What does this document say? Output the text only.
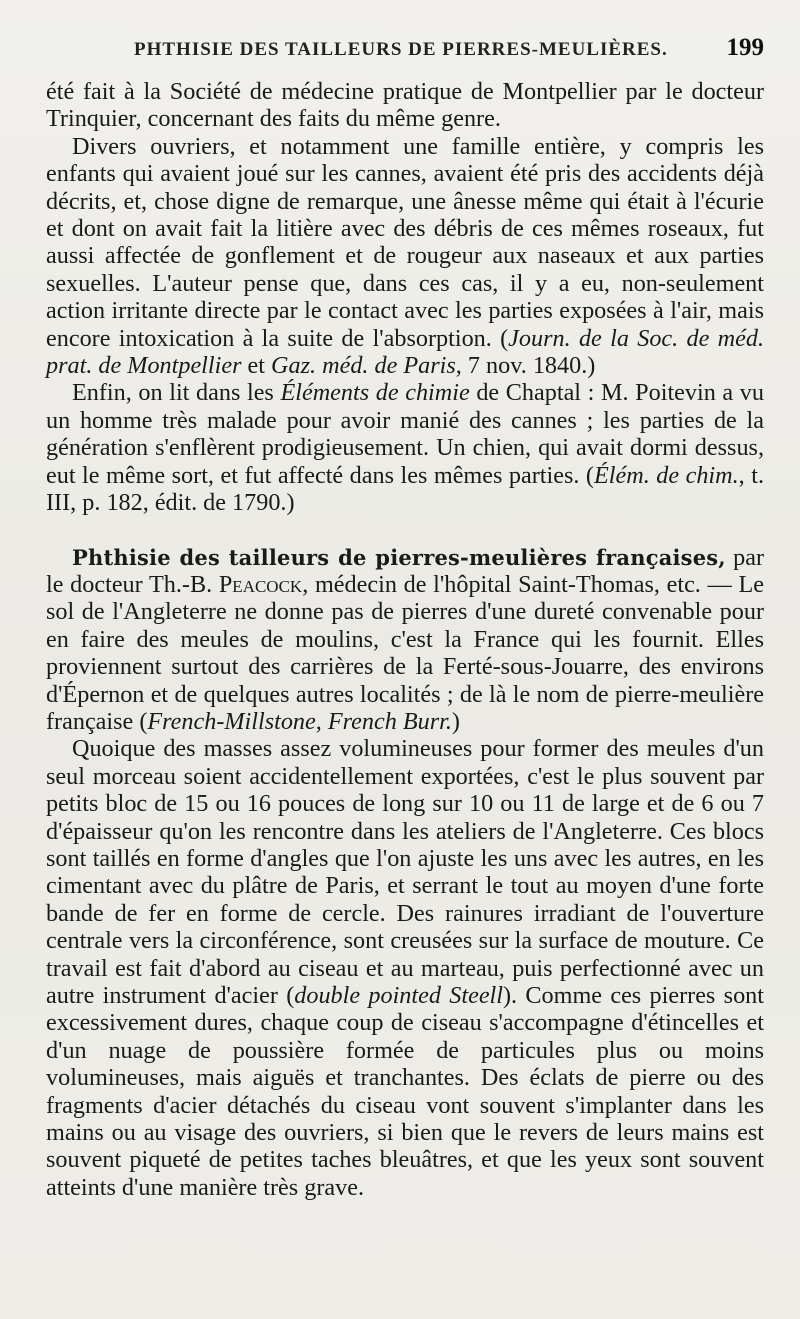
PHTHISIE DES TAILLEURS DE PIERRES-MEULIÈRES. 199

été fait à la Société de médecine pratique de Montpellier par le docteur Trinquier, concernant des faits du même genre.

Divers ouvriers, et notamment une famille entière, y compris les enfants qui avaient joué sur les cannes, avaient été pris des accidents déjà décrits, et, chose digne de remarque, une ânesse même qui était à l'écurie et dont on avait fait la litière avec des débris de ces mêmes roseaux, fut aussi affectée de gonflement et de rougeur aux naseaux et aux parties sexuelles. L'auteur pense que, dans ces cas, il y a eu, non-seulement action irritante directe par le contact avec les parties exposées à l'air, mais encore intoxication à la suite de l'absorption. (Journ. de la Soc. de méd. prat. de Montpellier et Gaz. méd. de Paris, 7 nov. 1840.)

Enfin, on lit dans les Éléments de chimie de Chaptal : M. Poitevin a vu un homme très malade pour avoir manié des cannes ; les parties de la génération s'enflèrent prodigieusement. Un chien, qui avait dormi dessus, eut le même sort, et fut affecté dans les mêmes parties. (Élém. de chim., t. III, p. 182, édit. de 1790.)

Phthisie des tailleurs de pierres-meulières françaises, par le docteur Th.-B. Peacock, médecin de l'hôpital Saint-Thomas, etc. — Le sol de l'Angleterre ne donne pas de pierres d'une dureté convenable pour en faire des meules de moulins, c'est la France qui les fournit. Elles proviennent surtout des carrières de la Ferté-sous-Jouarre, des environs d'Épernon et de quelques autres localités ; de là le nom de pierre-meulière française (French-Millstone, French Burr.)

Quoique des masses assez volumineuses pour former des meules d'un seul morceau soient accidentellement exportées, c'est le plus souvent par petits bloc de 15 ou 16 pouces de long sur 10 ou 11 de large et de 6 ou 7 d'épaisseur qu'on les rencontre dans les ateliers de l'Angleterre. Ces blocs sont taillés en forme d'angles que l'on ajuste les uns avec les autres, en les cimentant avec du plâtre de Paris, et serrant le tout au moyen d'une forte bande de fer en forme de cercle. Des rainures irradiant de l'ouverture centrale vers la circonférence, sont creusées sur la surface de mouture. Ce travail est fait d'abord au ciseau et au marteau, puis perfectionné avec un autre instrument d'acier (double pointed Steell). Comme ces pierres sont excessivement dures, chaque coup de ciseau s'accompagne d'étincelles et d'un nuage de poussière formée de particules plus ou moins volumineuses, mais aiguës et tranchantes. Des éclats de pierre ou des fragments d'acier détachés du ciseau vont souvent s'implanter dans les mains ou au visage des ouvriers, si bien que le revers de leurs mains est souvent piqueté de petites taches bleuâtres, et que les yeux sont souvent atteints d'une manière très grave.
